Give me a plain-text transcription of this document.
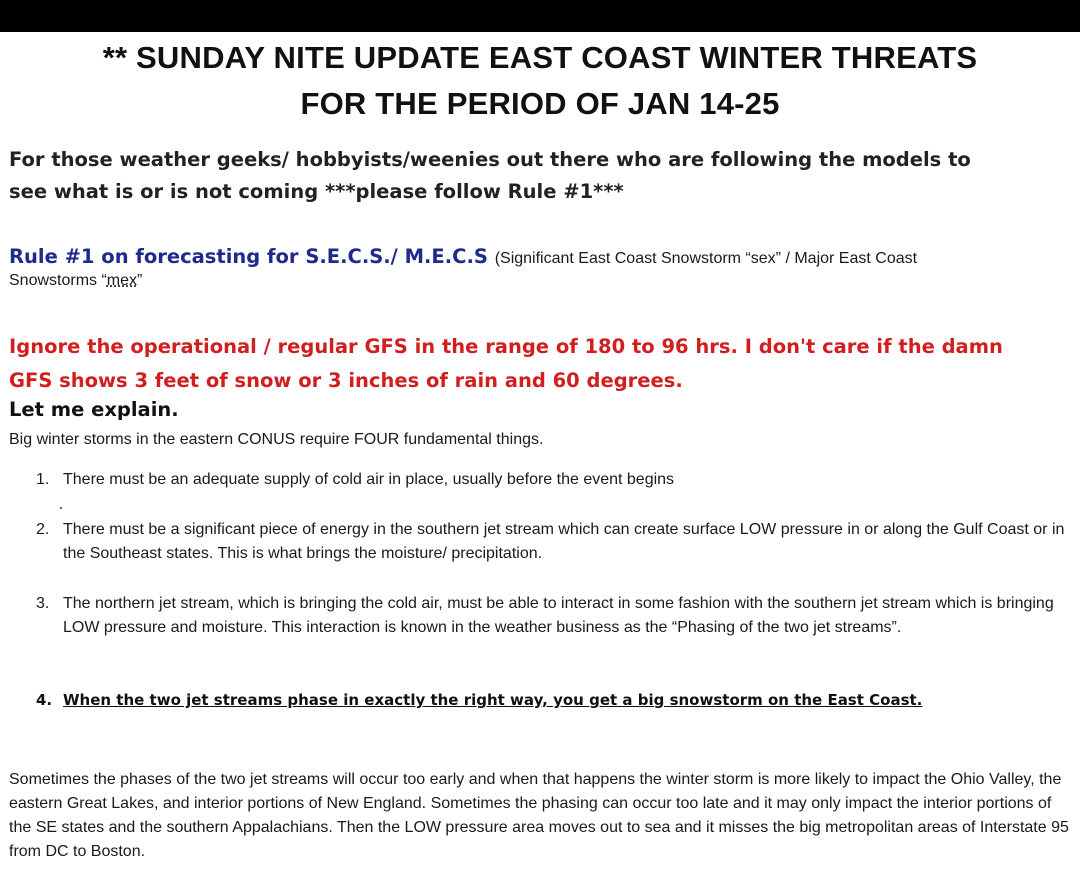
** SUNDAY NITE UPDATE EAST COAST WINTER THREATS
FOR THE PERIOD OF JAN 14-25

For those weather geeks/ hobbyists/weenies out there who are following the models to
see what is or is not coming ***please follow Rule #1***

Rule #1 on forecasting for S.E.C.S./ M.E.C.S (Significant East Coast Snowstorm “sex” / Major East Coast

Snowstorms “mex”

Ignore the operational / regular GFS in the range of 180 to 96 hrs. I don't care if the damn
GFS shows 3 feet of snow or 3 inches of rain and 60 degrees.

Let me explain.

Big winter storms in the eastern CONUS require FOUR fundamental things.

1. There must be an adequate supply of cold air in place, usually before the event begins
2. There must be a significant piece of energy in the southern jet stream which can create surface LOW pressure in or along the Gulf Coast or in the Southeast states. This is what brings the moisture/ precipitation.
3. The northern jet stream, which is bringing the cold air, must be able to interact in some fashion with the southern jet stream which is bringing LOW pressure and moisture. This interaction is known in the weather business as the “Phasing of the two jet streams”.
4. When the two jet streams phase in exactly the right way, you get a big snowstorm on the East Coast.

Sometimes the phases of the two jet streams will occur too early and when that happens the winter storm is more likely to impact the Ohio Valley, the eastern Great Lakes, and interior portions of New England. Sometimes the phasing can occur too late and it may only impact the interior portions of the SE states and the southern Appalachians. Then the LOW pressure area moves out to sea and it misses the big metropolitan areas of Interstate 95 from DC to Boston.
